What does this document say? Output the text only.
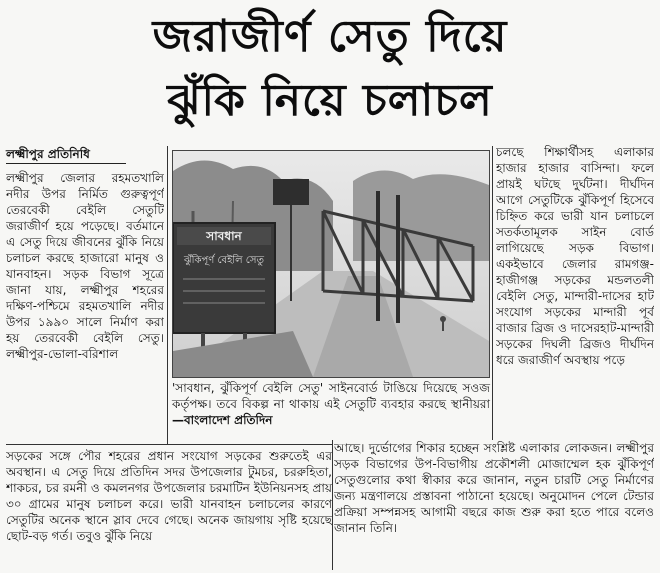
জরাজীর্ণ সেতু দিয়ে
ঝুঁকি নিয়ে চলাচল
লক্ষ্মীপুর প্রতিনিধি
লক্ষ্মীপুর জেলার রহমতখালি নদীর উপর নির্মিত গুরুত্বপূর্ণ তেরবেকী বেইলি সেতুটি জরাজীর্ণ হয়ে পড়েছে। বর্তমানে এ সেতু দিয়ে জীবনের ঝুঁকি নিয়ে চলাচল করছে হাজারো মানুষ ও যানবাহন। সড়ক বিভাগ সূত্রে জানা যায়, লক্ষ্মীপুর শহরের দক্ষিণ-পশ্চিমে রহমতখালি নদীর উপর ১৯৯০ সালে নির্মাণ করা হয় তেরবেকী বেইলি সেতু। লক্ষ্মীপুর-ভোলা-বরিশাল
সাবধান
ঝুঁকিপূর্ণ বেইলি সেতু
'সাবধান, ঝুঁকিপূর্ণ বেইলি সেতু' সাইনবোর্ড টাঙিয়ে দিয়েছে সওজ কর্তৃপক্ষ। তবে বিকল্প না থাকায় এই সেতুটি ব্যবহার করছে স্থানীয়রা —বাংলাদেশ প্রতিদিন
চলছে শিক্ষার্থীসহ এলাকার হাজার হাজার বাসিন্দা। ফলে প্রায়ই ঘটছে দুর্ঘটনা। দীর্ঘদিন আগে সেতুটিকে ঝুঁকিপূর্ণ হিসেবে চিহ্নিত করে ভারী যান চলাচলে সতর্কতামূলক সাইন বোর্ড লাগিয়েছে সড়ক বিভাগ। একইভাবে জেলার রামগঞ্জ-হাজীগঞ্জ সড়কের মন্ডলতলী বেইলি সেতু, মান্দারী-দাসের হাট সংযোগ সড়কের মান্দারী পূর্ব বাজার ব্রিজ ও দাসেরহাট-মান্দারী সড়কের দিঘলী ব্রিজও দীর্ঘদিন ধরে জরাজীর্ণ অবস্থায় পড়ে
সড়কের সঙ্গে পৌর শহরের প্রধান সংযোগ সড়কের শুরুতেই এর অবস্থান। এ সেতু দিয়ে প্রতিদিন সদর উপজেলার টুমচর, চররুহিতা, শাকচর, চর রমনী ও কমলনগর উপজেলার চরমাটিন ইউনিয়নসহ প্রায় ৩০ গ্রামের মানুষ চলাচল করে। ভারী যানবাহন চলাচলের কারণে সেতুটির অনেক স্থানে স্লাব দেবে গেছে। অনেক জায়গায় সৃষ্টি হয়েছে ছোট-বড় গর্ত। তবুও ঝুঁকি নিয়ে
আছে। দুর্ভোগের শিকার হচ্ছেন সংশ্লিষ্ট এলাকার লোকজন। লক্ষ্মীপুর সড়ক বিভাগের উপ-বিভাগীয় প্রকৌশলী মোজাম্মেল হক ঝুঁকিপূর্ণ সেতুগুলোর কথা স্বীকার করে জানান, নতুন চারটি সেতু নির্মাণের জন্য মন্ত্রণালয়ে প্রস্তাবনা পাঠানো হয়েছে। অনুমোদন পেলে টেন্ডার প্রক্রিয়া সম্পন্নসহ আগামী বছরে কাজ শুরু করা হতে পারে বলেও জানান তিনি।
